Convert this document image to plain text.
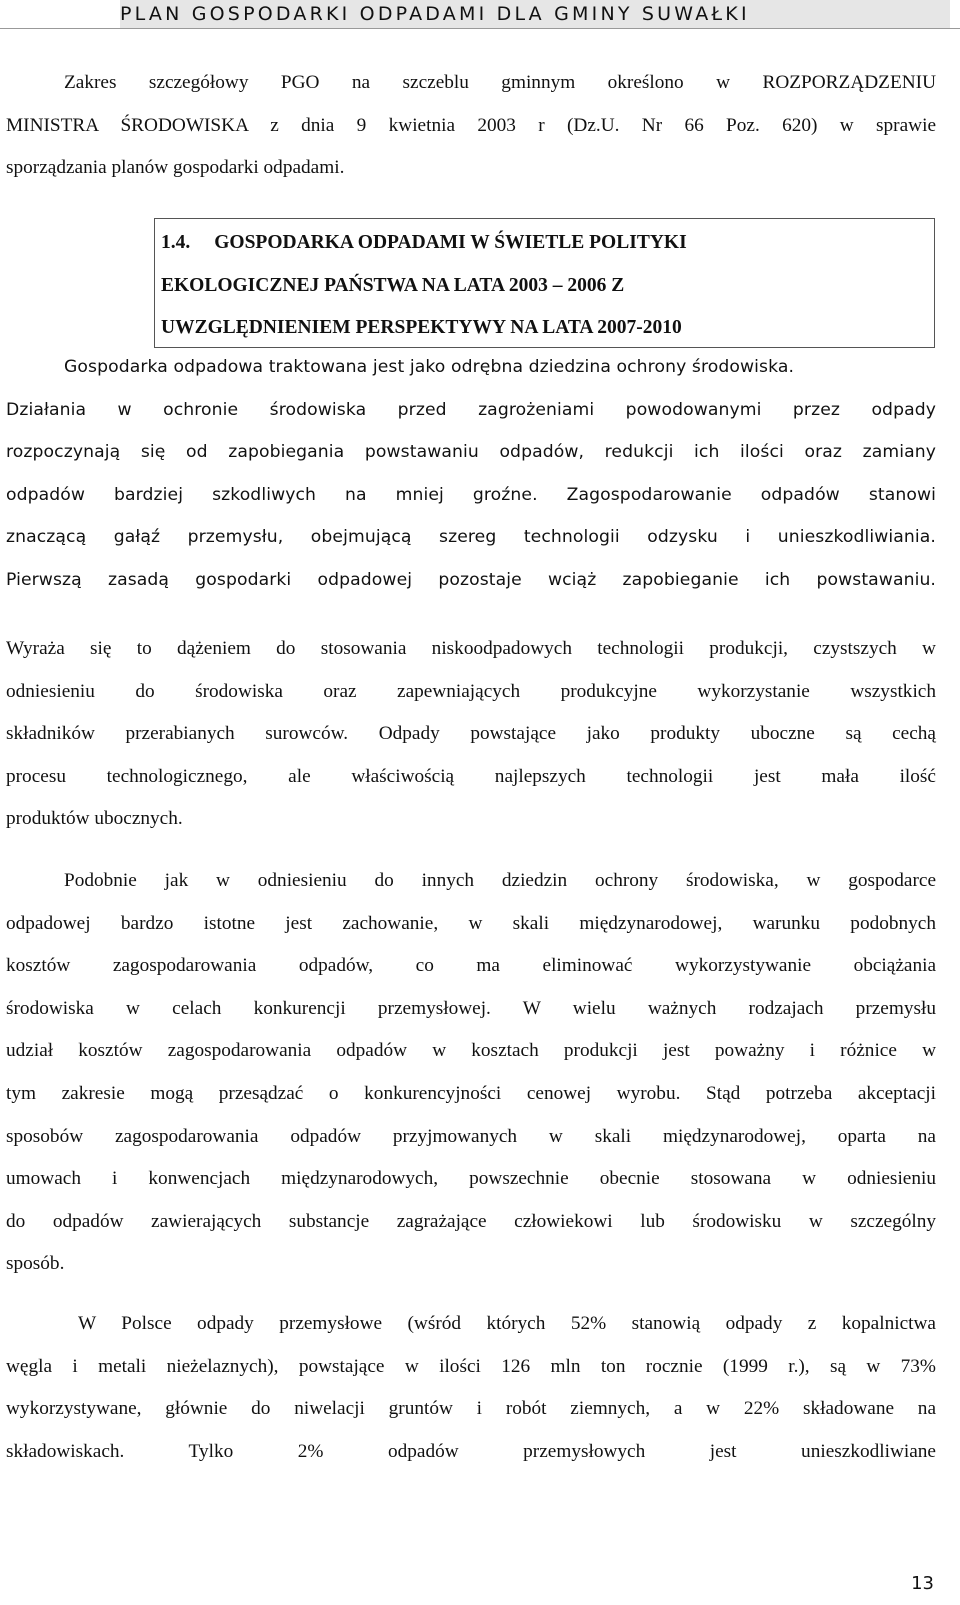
PLAN GOSPODARKI ODPADAMI DLA GMINY SUWAŁKI
Zakres szczegółowy PGO na szczeblu gminnym określono w ROZPORZĄDZENIU
MINISTRA ŚRODOWISKA z dnia 9 kwietnia 2003 r (Dz.U. Nr 66 Poz. 620) w sprawie
sporządzania planów gospodarki odpadami.
1.4. GOSPODARKA ODPADAMI W ŚWIETLE POLITYKI
EKOLOGICZNEJ PAŃSTWA NA LATA 2003 – 2006 Z
UWZGLĘDNIENIEM PERSPEKTYWY NA LATA 2007-2010
Gospodarka odpadowa traktowana jest jako odrębna dziedzina ochrony środowiska.
Działania w ochronie środowiska przed zagrożeniami powodowanymi przez odpady
rozpoczynają się od zapobiegania powstawaniu odpadów, redukcji ich ilości oraz zamiany
odpadów bardziej szkodliwych na mniej groźne. Zagospodarowanie odpadów stanowi
znaczącą gałąź przemysłu, obejmującą szereg technologii odzysku i unieszkodliwiania.
Pierwszą zasadą gospodarki odpadowej pozostaje wciąż zapobieganie ich powstawaniu.
Wyraża się to dążeniem do stosowania niskoodpadowych technologii produkcji, czystszych w
odniesieniu do środowiska oraz zapewniających produkcyjne wykorzystanie wszystkich
składników przerabianych surowców. Odpady powstające jako produkty uboczne są cechą
procesu technologicznego, ale właściwością najlepszych technologii jest mała ilość
produktów ubocznych.
Podobnie jak w odniesieniu do innych dziedzin ochrony środowiska, w gospodarce
odpadowej bardzo istotne jest zachowanie, w skali międzynarodowej, warunku podobnych
kosztów zagospodarowania odpadów, co ma eliminować wykorzystywanie obciążania
środowiska w celach konkurencji przemysłowej. W wielu ważnych rodzajach przemysłu
udział kosztów zagospodarowania odpadów w kosztach produkcji jest poważny i różnice w
tym zakresie mogą przesądzać o konkurencyjności cenowej wyrobu. Stąd potrzeba akceptacji
sposobów zagospodarowania odpadów przyjmowanych w skali międzynarodowej, oparta na
umowach i konwencjach międzynarodowych, powszechnie obecnie stosowana w odniesieniu
do odpadów zawierających substancje zagrażające człowiekowi lub środowisku w szczególny
sposób.
W Polsce odpady przemysłowe (wśród których 52% stanowią odpady z kopalnictwa
węgla i metali nieżelaznych), powstające w ilości 126 mln ton rocznie (1999 r.), są w 73%
wykorzystywane, głównie do niwelacji gruntów i robót ziemnych, a w 22% składowane na
składowiskach. Tylko 2% odpadów przemysłowych jest unieszkodliwiane
13
